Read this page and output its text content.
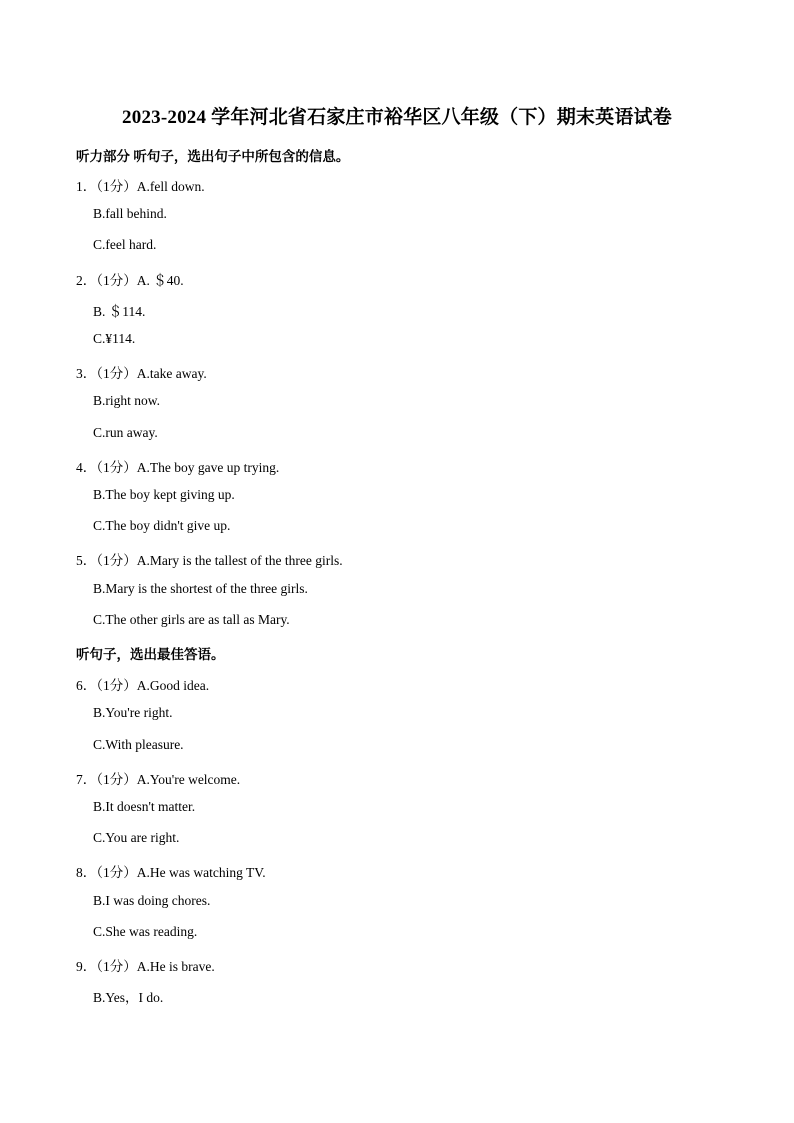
2023-2024 学年河北省石家庄市裕华区八年级（下）期末英语试卷
听力部分 听句子，选出句子中所包含的信息。
1．（1分）A.fell down.
B.fall behind.
C.feel hard.
2．（1分）A. ＄40.
B. ＄114.
C.¥114.
3．（1分）A.take away.
B.right now.
C.run away.
4．（1分）A.The boy gave up trying.
B.The boy kept giving up.
C.The boy didn't give up.
5．（1分）A.Mary is the tallest of the three girls.
B.Mary is the shortest of the three girls.
C.The other girls are as tall as Mary.
听句子，选出最佳答语。
6．（1分）A.Good idea.
B.You're right.
C.With pleasure.
7．（1分）A.You're welcome.
B.It doesn't matter.
C.You are right.
8．（1分）A.He was watching TV.
B.I was doing chores.
C.She was reading.
9．（1分）A.He is brave.
B.Yes，I do.
